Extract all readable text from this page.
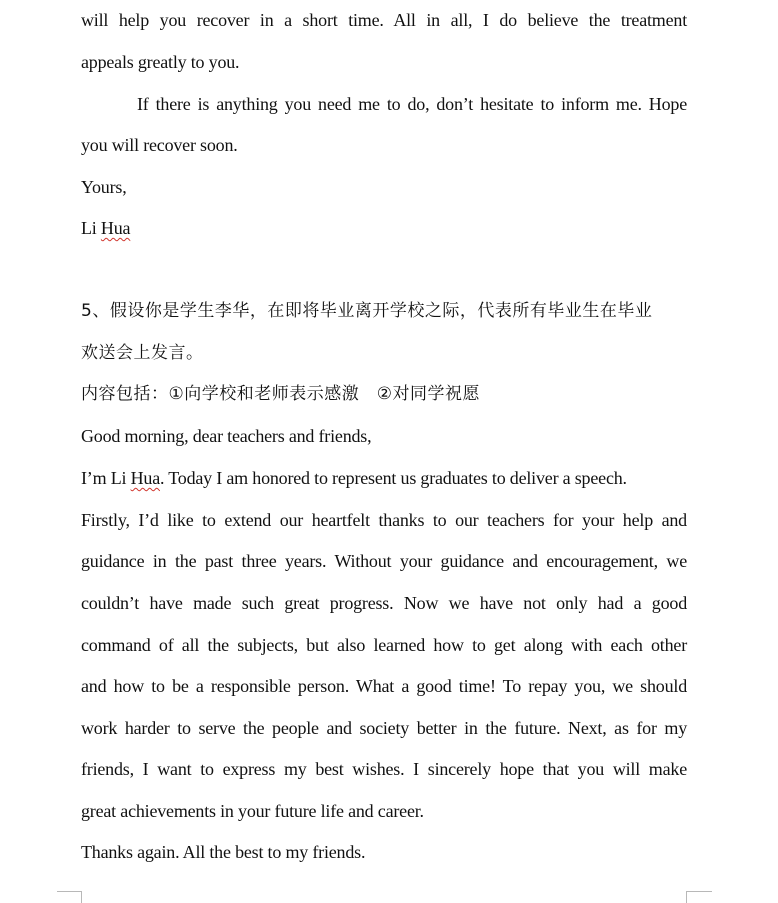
will help you recover in a short time. All in all, I do believe the treatment
appeals greatly to you.
If there is anything you need me to do, don’t hesitate to inform me. Hope
you will recover soon.
Yours,
Li Hua
5、假设你是学生李华，在即将毕业离开学校之际，代表所有毕业生在毕业
欢送会上发言。
内容包括：①向学校和老师表示感激　②对同学祝愿
Good morning, dear teachers and friends,
I’m Li Hua. Today I am honored to represent us graduates to deliver a speech.
Firstly, I’d like to extend our heartfelt thanks to our teachers for your help and
guidance in the past three years. Without your guidance and encouragement, we
couldn’t have made such great progress. Now we have not only had a good
command of all the subjects, but also learned how to get along with each other
and how to be a responsible person. What a good time! To repay you, we should
work harder to serve the people and society better in the future. Next, as for my
friends, I want to express my best wishes. I sincerely hope that you will make
great achievements in your future life and career.
Thanks again. All the best to my friends.
